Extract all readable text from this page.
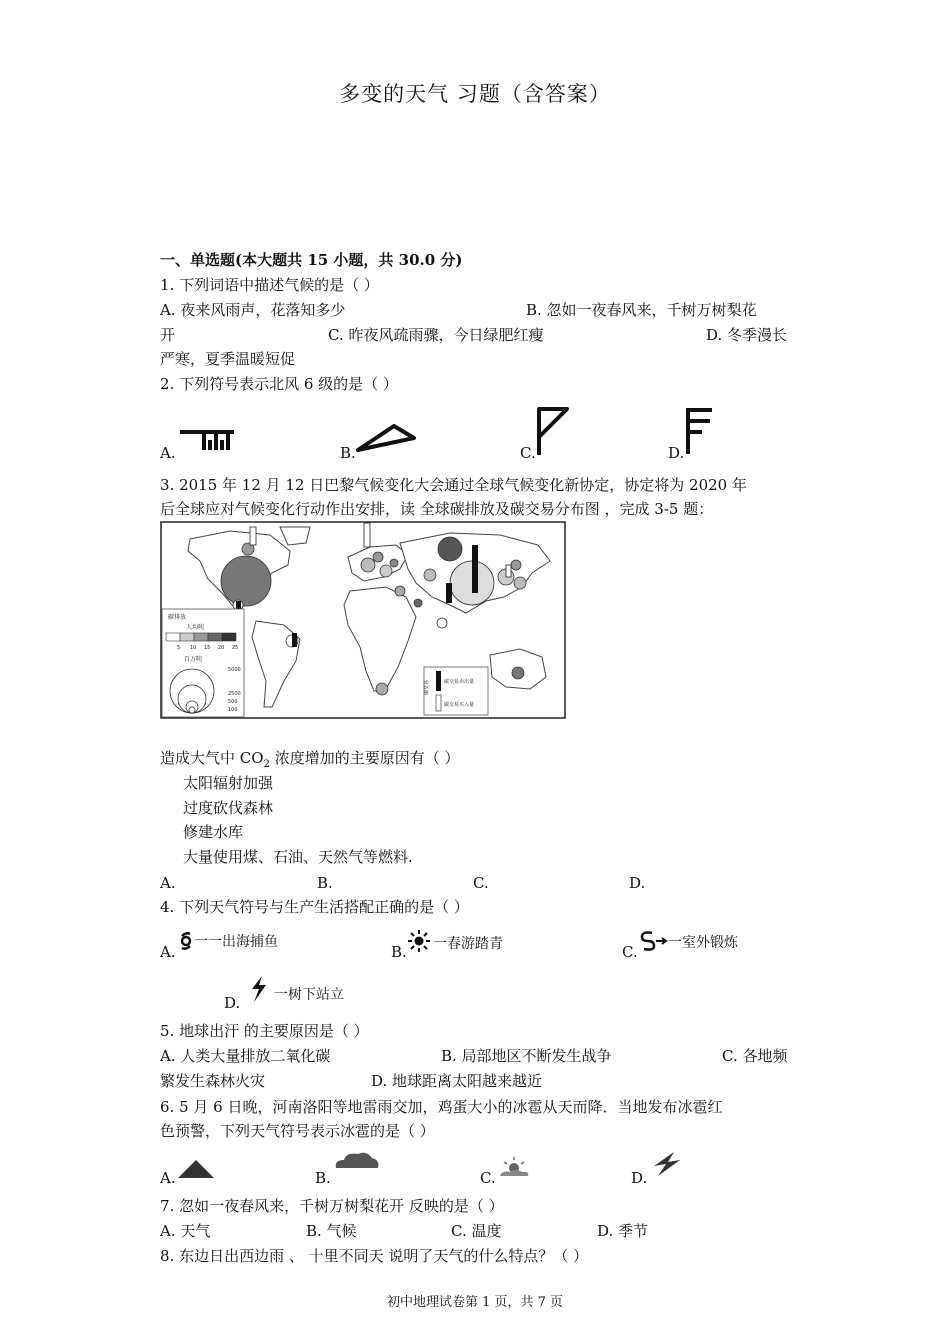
多变的天气 习题（含答案）
一、单选题(本大题共 15 小题，共 30.0 分)
1. 下列词语中描述气候的是（ ）
A. 夜来风雨声，花落知多少	B. 忽如一夜春风来，千树万树梨花
开	C. 昨夜风疏雨骤，今日绿肥红瘦	D. 冬季漫长
严寒，夏季温暖短促
2. 下列符号表示北风 6 级的是（ ）
A.	B.	C.	D.
3. 2015 年 12 月 12 日巴黎气候变化大会通过全球气候变化新协定，协定将为 2020 年
后全球应对气候变化行动作出安排，读 全球碳排放及碳交易分布图 ，完成 3-5 题：
碳排放
人均吨
5 10 15 20 25
百万吨
5000
2500
500
100
碳交易	碳交易卖出量
碳交易买入量
造成大气中 $CO_2$ 浓度增加的主要原因有（ ）
太阳辐射加强
过度砍伐森林
修建水库
大量使用煤、石油、天然气等燃料.
A.	B.	C.	D.
4. 下列天气符号与生产生活搭配正确的是（ ）
A.
一一出海捕鱼
B. 一春游踏青	C. 一室外锻炼
D. 一树下站立
5. 地球出汗 的主要原因是（ ）
A. 人类大量排放二氧化碳	B. 局部地区不断发生战争	C. 各地频
繁发生森林火灾	D. 地球距离太阳越来越近
6. 5 月 6 日晚，河南洛阳等地雷雨交加，鸡蛋大小的冰雹从天而降．当地发布冰雹红
色预警，下列天气符号表示冰雹的是（ ）
A.	B.	C.	D.
7. 忽如一夜春风来，千树万树梨花开 反映的是（ ）
A. 天气	B. 气候	C. 温度	D. 季节
8. 东边日出西边雨 、 十里不同天 说明了天气的什么特点？（ ）
初中地理试卷第 1 页，共 7 页
